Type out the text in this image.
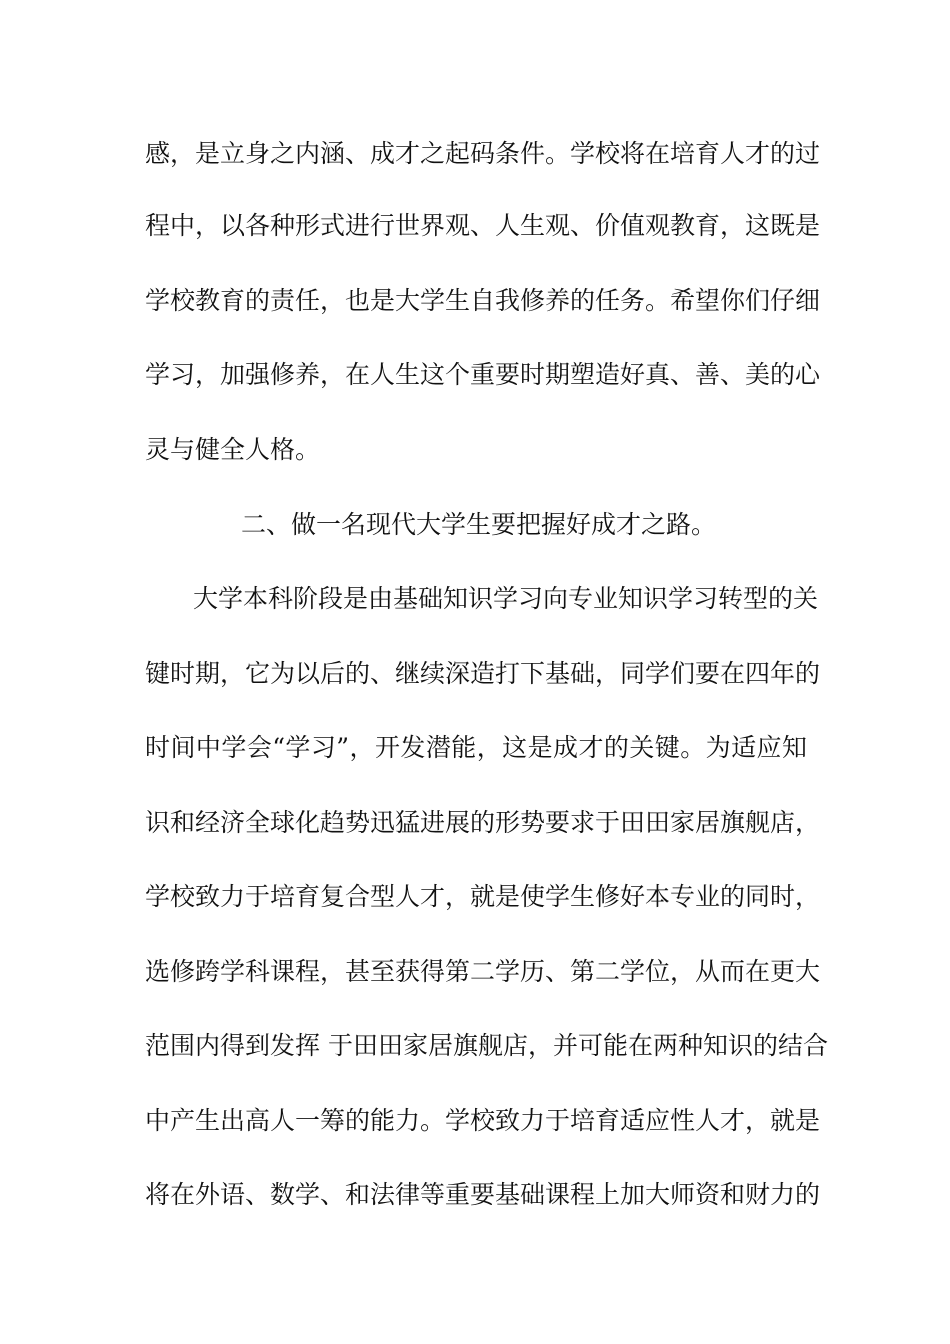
感，是立身之内涵、成才之起码条件。学校将在培育人才的过
程中，以各种形式进行世界观、人生观、价值观教育，这既是
学校教育的责任，也是大学生自我修养的任务。希望你们仔细
学习，加强修养，在人生这个重要时期塑造好真、善、美的心
灵与健全人格。
二、做一名现代大学生要把握好成才之路。
大学本科阶段是由基础知识学习向专业知识学习转型的关
键时期，它为以后的、继续深造打下基础，同学们要在四年的
时间中学会“学习”，开发潜能，这是成才的关键。为适应知
识和经济全球化趋势迅猛进展的形势要求于田田家居旗舰店，
学校致力于培育复合型人才，就是使学生修好本专业的同时，
选修跨学科课程，甚至获得第二学历、第二学位，从而在更大
范围内得到发挥 于田田家居旗舰店，并可能在两种知识的结合
中产生出高人一筹的能力。学校致力于培育适应性人才，就是
将在外语、数学、和法律等重要基础课程上加大师资和财力的
